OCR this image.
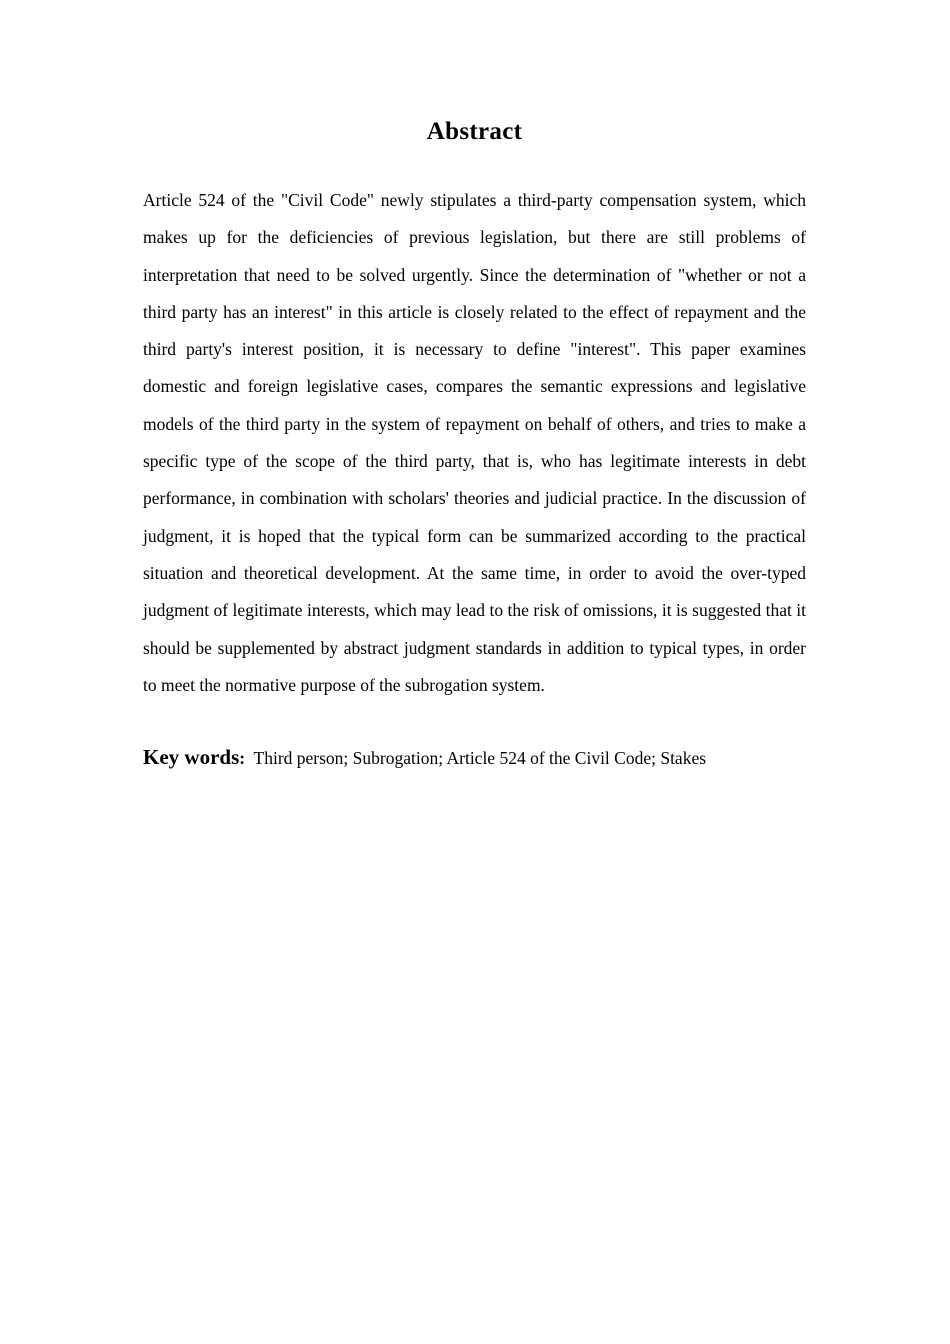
Abstract

Article 524 of the "Civil Code" newly stipulates a third-party compensation system, which makes up for the deficiencies of previous legislation, but there are still problems of interpretation that need to be solved urgently. Since the determination of "whether or not a third party has an interest" in this article is closely related to the effect of repayment and the third party's interest position, it is necessary to define "interest". This paper examines domestic and foreign legislative cases, compares the semantic expressions and legislative models of the third party in the system of repayment on behalf of others, and tries to make a specific type of the scope of the third party, that is, who has legitimate interests in debt performance, in combination with scholars' theories and judicial practice. In the discussion of judgment, it is hoped that the typical form can be summarized according to the practical situation and theoretical development. At the same time, in order to avoid the over-typed judgment of legitimate interests, which may lead to the risk of omissions, it is suggested that it should be supplemented by abstract judgment standards in addition to typical types, in order to meet the normative purpose of the subrogation system.

Key words: Third person; Subrogation; Article 524 of the Civil Code; Stakes
